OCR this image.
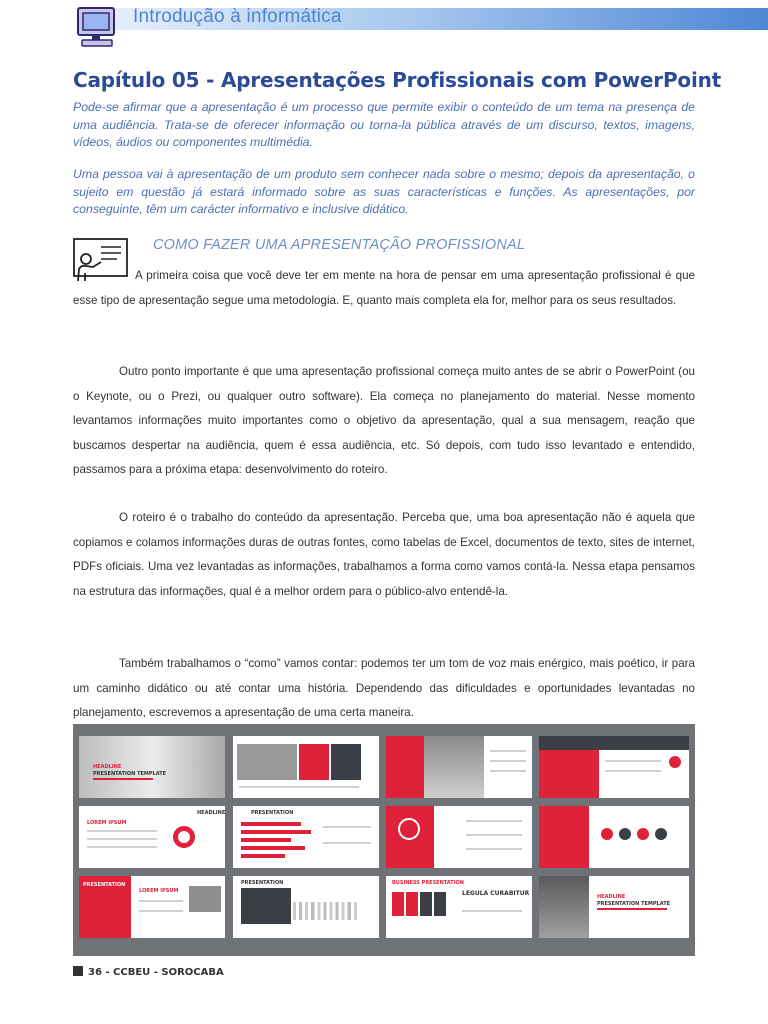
Introdução à informática
Capítulo 05 - Apresentações Profissionais com PowerPoint

Pode-se afirmar que a apresentação é um processo que permite exibir o conteúdo de um tema na presença de uma audiência. Trata-se de oferecer informação ou torna-la pública através de um discurso, textos, imagens, vídeos, áudios ou componentes multimédia.

Uma pessoa vai à apresentação de um produto sem conhecer nada sobre o mesmo; depois da apresentação, o sujeito em questão já estará informado sobre as suas características e funções. As apresentações, por conseguinte, têm um carácter informativo e inclusive didático.

COMO FAZER UMA APRESENTAÇÃO PROFISSIONAL

A primeira coisa que você deve ter em mente na hora de pensar em uma apresentação profissional é que esse tipo de apresentação segue uma metodologia. E, quanto mais completa ela for, melhor para os seus resultados.

Outro ponto importante é que uma apresentação profissional começa muito antes de se abrir o PowerPoint (ou o Keynote, ou o Prezi, ou qualquer outro software). Ela começa no planejamento do material. Nesse momento levantamos informações muito importantes como o objetivo da apresentação, qual a sua mensagem, reação que buscamos despertar na audiência, quem é essa audiência, etc. Só depois, com tudo isso levantado e entendido, passamos para a próxima etapa: desenvolvimento do roteiro.

O roteiro é o trabalho do conteúdo da apresentação. Perceba que, uma boa apresentação não é aquela que copiamos e colamos informações duras de outras fontes, como tabelas de Excel, documentos de texto, sites de internet, PDFs oficiais. Uma vez levantadas as informações, trabalhamos a forma como vamos contá-la. Nessa etapa pensamos na estrutura das informações, qual é a melhor ordem para o público-alvo entendê-la.

Também trabalhamos o “como” vamos contar: podemos ter um tom de voz mais enérgico, mais poético, ir para um caminho didático ou até contar uma história. Dependendo das dificuldades e oportunidades levantadas no planejamento, escrevemos a apresentação de uma certa maneira.

HEADLINE
PRESENTATION TEMPLATE
HEADLINE
LOREM IPSUM
PRESENTATION
PRESENTATION
LOREM IPSUM
PRESENTATION	BUSINESS PRESENTATION
LEGULA CURABITUR	HEADLINE
PRESENTATION TEMPLATE
36 - CCBEU - SOROCABA
